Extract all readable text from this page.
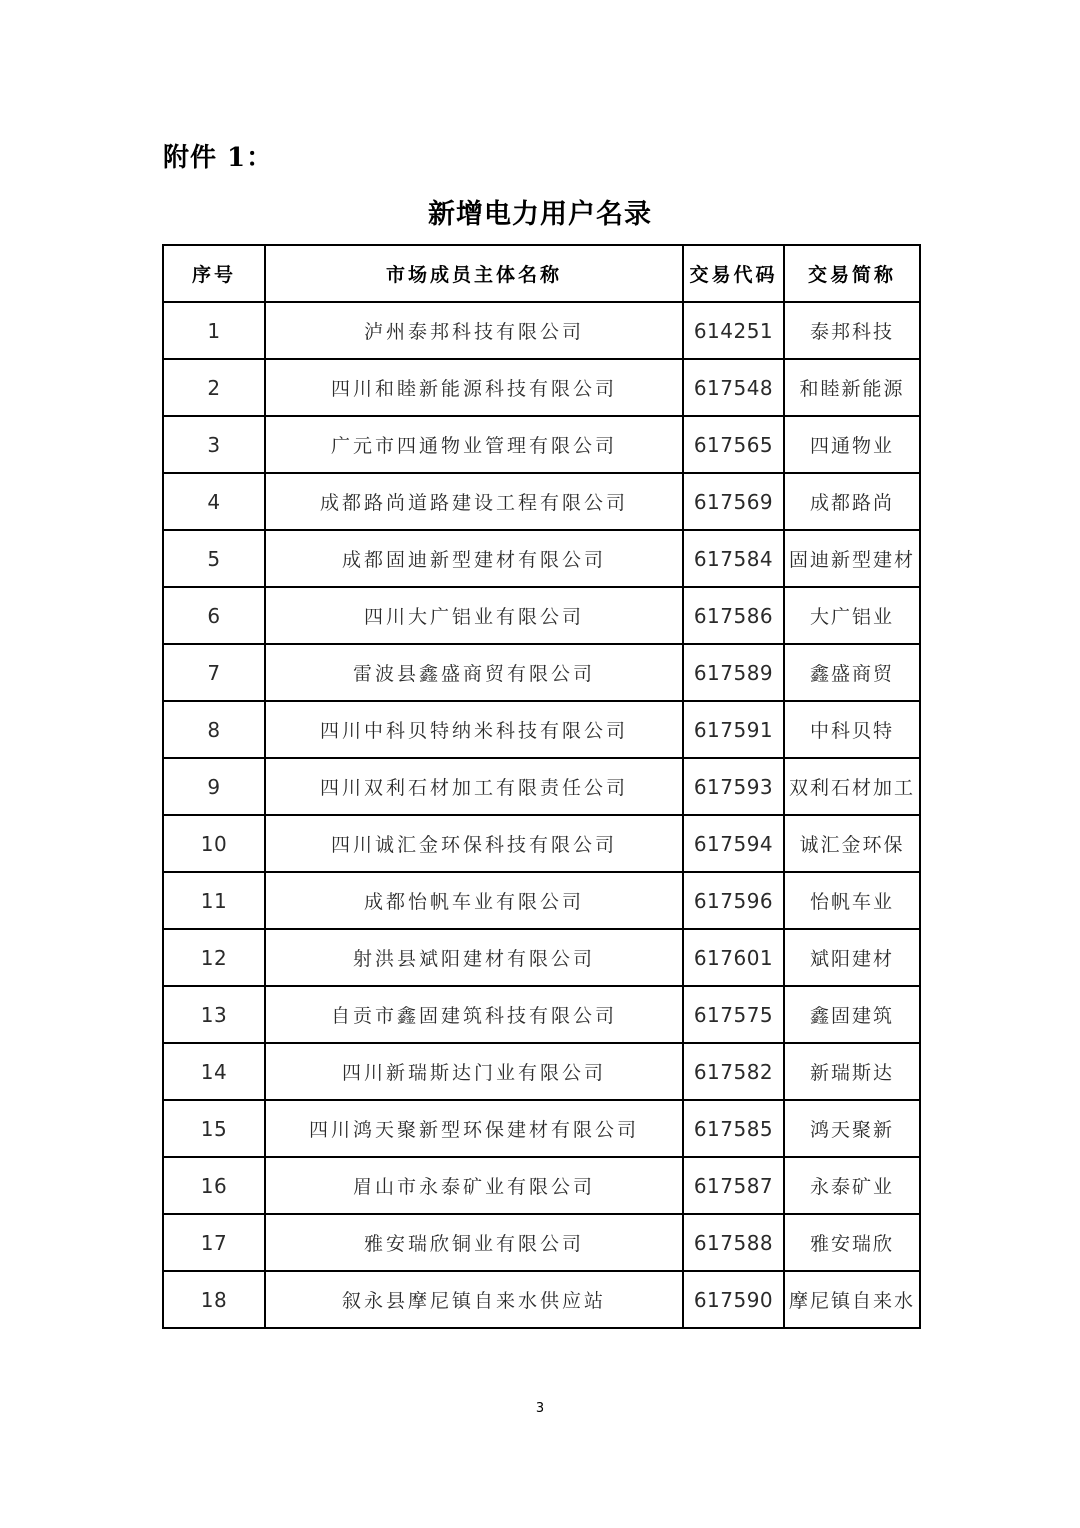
附件 1：
新增电力用户名录
序号	市场成员主体名称	交易代码	交易简称
1	泸州泰邦科技有限公司	614251	泰邦科技
2	四川和睦新能源科技有限公司	617548	和睦新能源
3	广元市四通物业管理有限公司	617565	四通物业
4	成都路尚道路建设工程有限公司	617569	成都路尚
5	成都固迪新型建材有限公司	617584	固迪新型建材
6	四川大广铝业有限公司	617586	大广铝业
7	雷波县鑫盛商贸有限公司	617589	鑫盛商贸
8	四川中科贝特纳米科技有限公司	617591	中科贝特
9	四川双利石材加工有限责任公司	617593	双利石材加工
10	四川诚汇金环保科技有限公司	617594	诚汇金环保
11	成都怡帆车业有限公司	617596	怡帆车业
12	射洪县斌阳建材有限公司	617601	斌阳建材
13	自贡市鑫固建筑科技有限公司	617575	鑫固建筑
14	四川新瑞斯达门业有限公司	617582	新瑞斯达
15	四川鸿天聚新型环保建材有限公司	617585	鸿天聚新
16	眉山市永泰矿业有限公司	617587	永泰矿业
17	雅安瑞欣铜业有限公司	617588	雅安瑞欣
18	叙永县摩尼镇自来水供应站	617590	摩尼镇自来水
3
